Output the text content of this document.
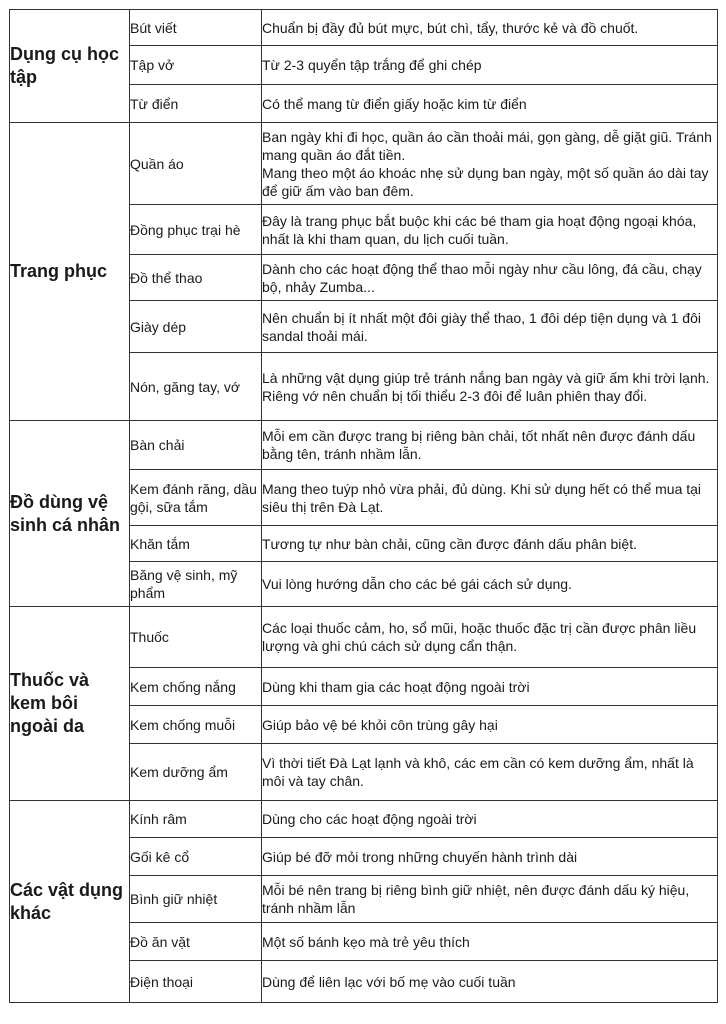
Dụng cụ học tập	Bút viết	Chuẩn bị đầy đủ bút mực, bút chì, tẩy, thước kẻ và đồ chuốt.

	Tập vở	Từ 2-3 quyển tập trắng để ghi chép

	Từ điển	Có thể mang từ điển giấy hoặc kim từ điển

Trang phục	Quần áo	Ban ngày khi đi học, quần áo cần thoải mái, gọn gàng, dễ giặt giũ. Tránh mang quần áo đắt tiền.
Mang theo một áo khoác nhẹ sử dụng ban ngày, một số quần áo dài tay để giữ ấm vào ban đêm.

	Đồng phục trại hè	Đây là trang phục bắt buộc khi các bé tham gia hoạt động ngoại khóa, nhất là khi tham quan, du lịch cuối tuần.

	Đồ thể thao	Dành cho các hoạt động thể thao mỗi ngày như cầu lông, đá cầu, chạy bộ, nhảy Zumba...

	Giày dép	Nên chuẩn bị ít nhất một đôi giày thể thao, 1 đôi dép tiện dụng và 1 đôi sandal thoải mái.

	Nón, găng tay, vớ	Là những vật dụng giúp trẻ tránh nắng ban ngày và giữ ấm khi trời lạnh. Riêng vớ nên chuẩn bị tối thiểu 2-3 đôi để luân phiên thay đổi.

Đồ dùng vệ sinh cá nhân	Bàn chải	Mỗi em cần được trang bị riêng bàn chải, tốt nhất nên được đánh dấu bằng tên, tránh nhầm lẫn.

	Kem đánh răng, dầu gội, sữa tắm	Mang theo tuýp nhỏ vừa phải, đủ dùng. Khi sử dụng hết có thể mua tại siêu thị trên Đà Lạt.

	Khăn tắm	Tương tự như bàn chải, cũng cần được đánh dấu phân biệt.

	Băng vệ sinh, mỹ phẩm	Vui lòng hướng dẫn cho các bé gái cách sử dụng.

Thuốc và kem bôi ngoài da	Thuốc	Các loại thuốc cảm, ho, sổ mũi, hoặc thuốc đặc trị cần được phân liều lượng và ghi chú cách sử dụng cẩn thận.

	Kem chống nắng	Dùng khi tham gia các hoạt động ngoài trời

	Kem chống muỗi	Giúp bảo vệ bé khỏi côn trùng gây hại

	Kem dưỡng ẩm	Vì thời tiết Đà Lạt lạnh và khô, các em cần có kem dưỡng ẩm, nhất là môi và tay chân.

Các vật dụng khác	Kính râm	Dùng cho các hoạt động ngoài trời

	Gối kê cổ	Giúp bé đỡ mỏi trong những chuyến hành trình dài

	Bình giữ nhiệt	Mỗi bé nên trang bị riêng bình giữ nhiệt, nên được đánh dấu ký hiệu, tránh nhầm lẫn

	Đồ ăn vặt	Một số bánh kẹo mà trẻ yêu thích

	Điện thoại	Dùng để liên lạc với bố mẹ vào cuối tuần
